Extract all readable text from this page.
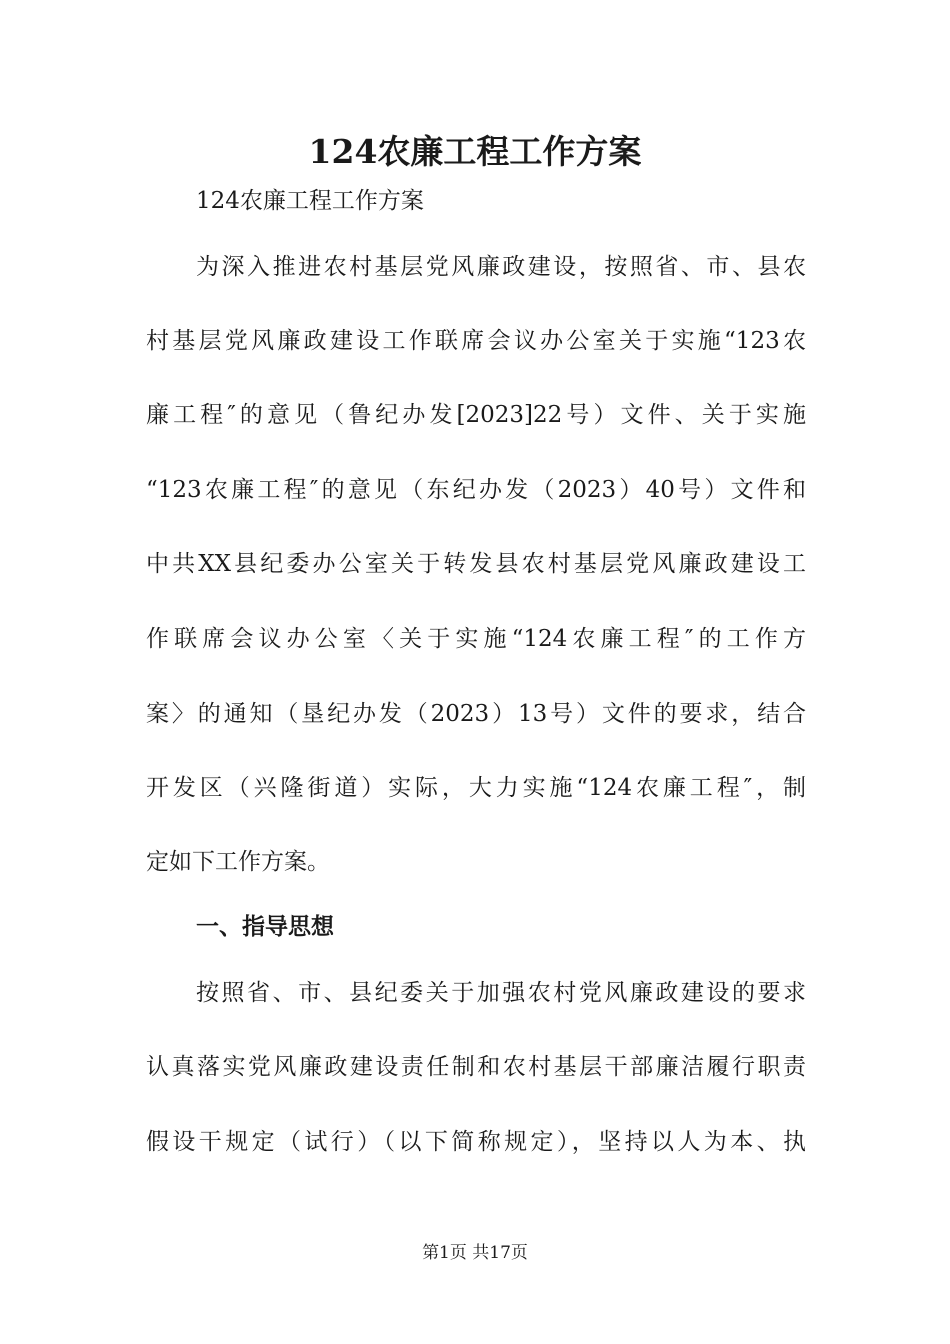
124农廉工程工作方案

124农廉工程工作方案

为深入推进农村基层党风廉政建设，按照省、市、县农

村基层党风廉政建设工作联席会议办公室关于实施“123农

廉工程″的意见（鲁纪办发[2023]22号）文件、关于实施

“123农廉工程″的意见（东纪办发（2023）40号）文件和

中共XX县纪委办公室关于转发县农村基层党风廉政建设工

作联席会议办公室〈关于实施“124农廉工程″的工作方

案〉的通知（垦纪办发（2023）13号）文件的要求，结合

开发区（兴隆街道）实际，大力实施“124农廉工程″，制

定如下工作方案。

一、指导思想

按照省、市、县纪委关于加强农村党风廉政建设的要求

认真落实党风廉政建设责任制和农村基层干部廉洁履行职责

假设干规定（试行）（以下简称规定），坚持以人为本、执

第1页 共17页
